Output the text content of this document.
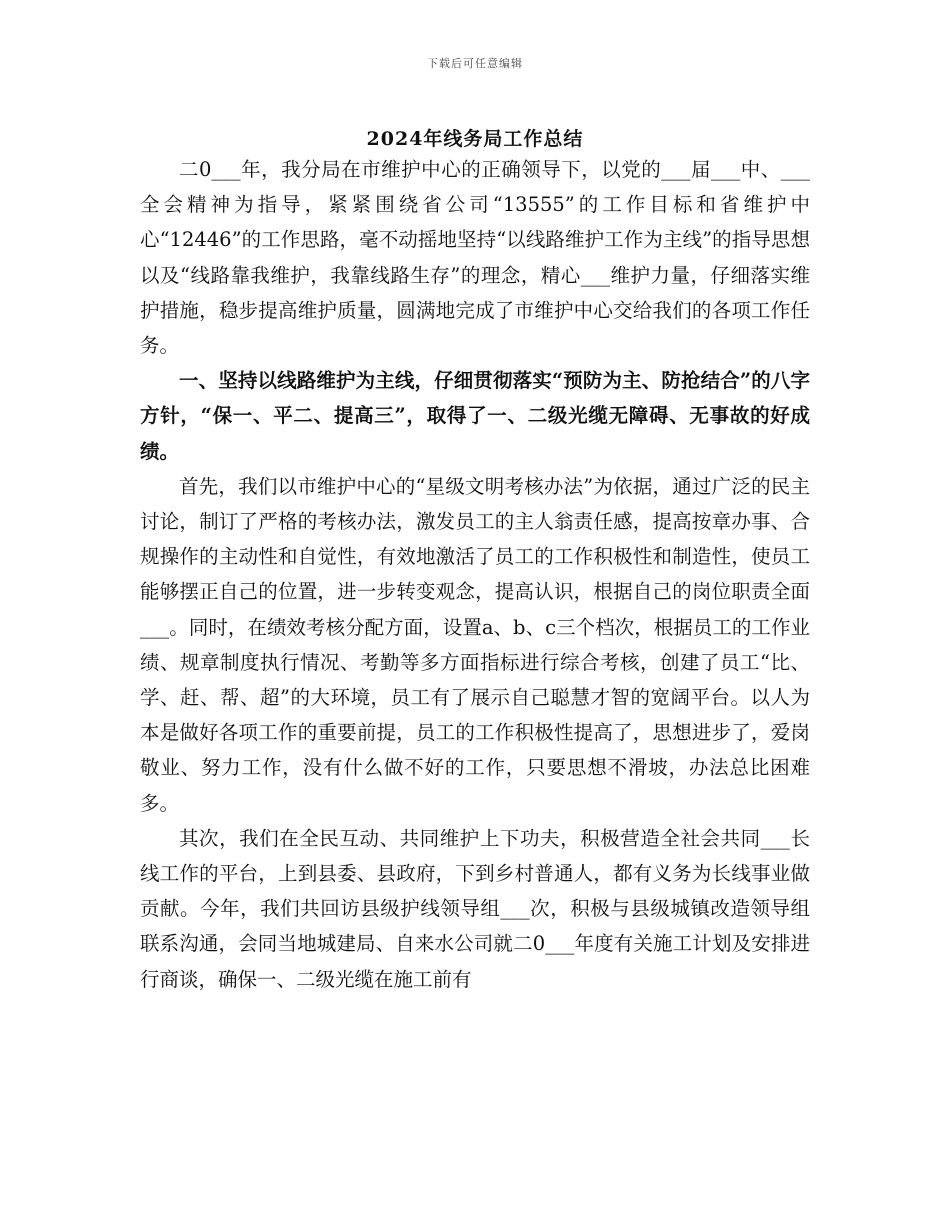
下载后可任意编辑
2024年线务局工作总结

二0___年，我分局在市维护中心的正确领导下，以党的___届___中、___全会精神为指导，紧紧围绕省公司“13555”的工作目标和省维护中心“12446”的工作思路，毫不动摇地坚持“以线路维护工作为主线”的指导思想以及“线路靠我维护，我靠线路生存”的理念，精心___维护力量，仔细落实维护措施，稳步提高维护质量，圆满地完成了市维护中心交给我们的各项工作任务。

一、坚持以线路维护为主线，仔细贯彻落实“预防为主、防抢结合”的八字方针，“保一、平二、提高三”，取得了一、二级光缆无障碍、无事故的好成绩。

首先，我们以市维护中心的“星级文明考核办法”为依据，通过广泛的民主讨论，制订了严格的考核办法，激发员工的主人翁责任感，提高按章办事、合规操作的主动性和自觉性，有效地激活了员工的工作积极性和制造性，使员工能够摆正自己的位置，进一步转变观念，提高认识，根据自己的岗位职责全面___。同时，在绩效考核分配方面，设置a、b、c三个档次，根据员工的工作业绩、规章制度执行情况、考勤等多方面指标进行综合考核，创建了员工“比、学、赶、帮、超”的大环境，员工有了展示自己聪慧才智的宽阔平台。以人为本是做好各项工作的重要前提，员工的工作积极性提高了，思想进步了，爱岗敬业、努力工作，没有什么做不好的工作，只要思想不滑坡，办法总比困难多。

其次，我们在全民互动、共同维护上下功夫，积极营造全社会共同___长线工作的平台，上到县委、县政府，下到乡村普通人，都有义务为长线事业做贡献。今年，我们共回访县级护线领导组___次，积极与县级城镇改造领导组联系沟通，会同当地城建局、自来水公司就二0___年度有关施工计划及安排进行商谈，确保一、二级光缆在施工前有
